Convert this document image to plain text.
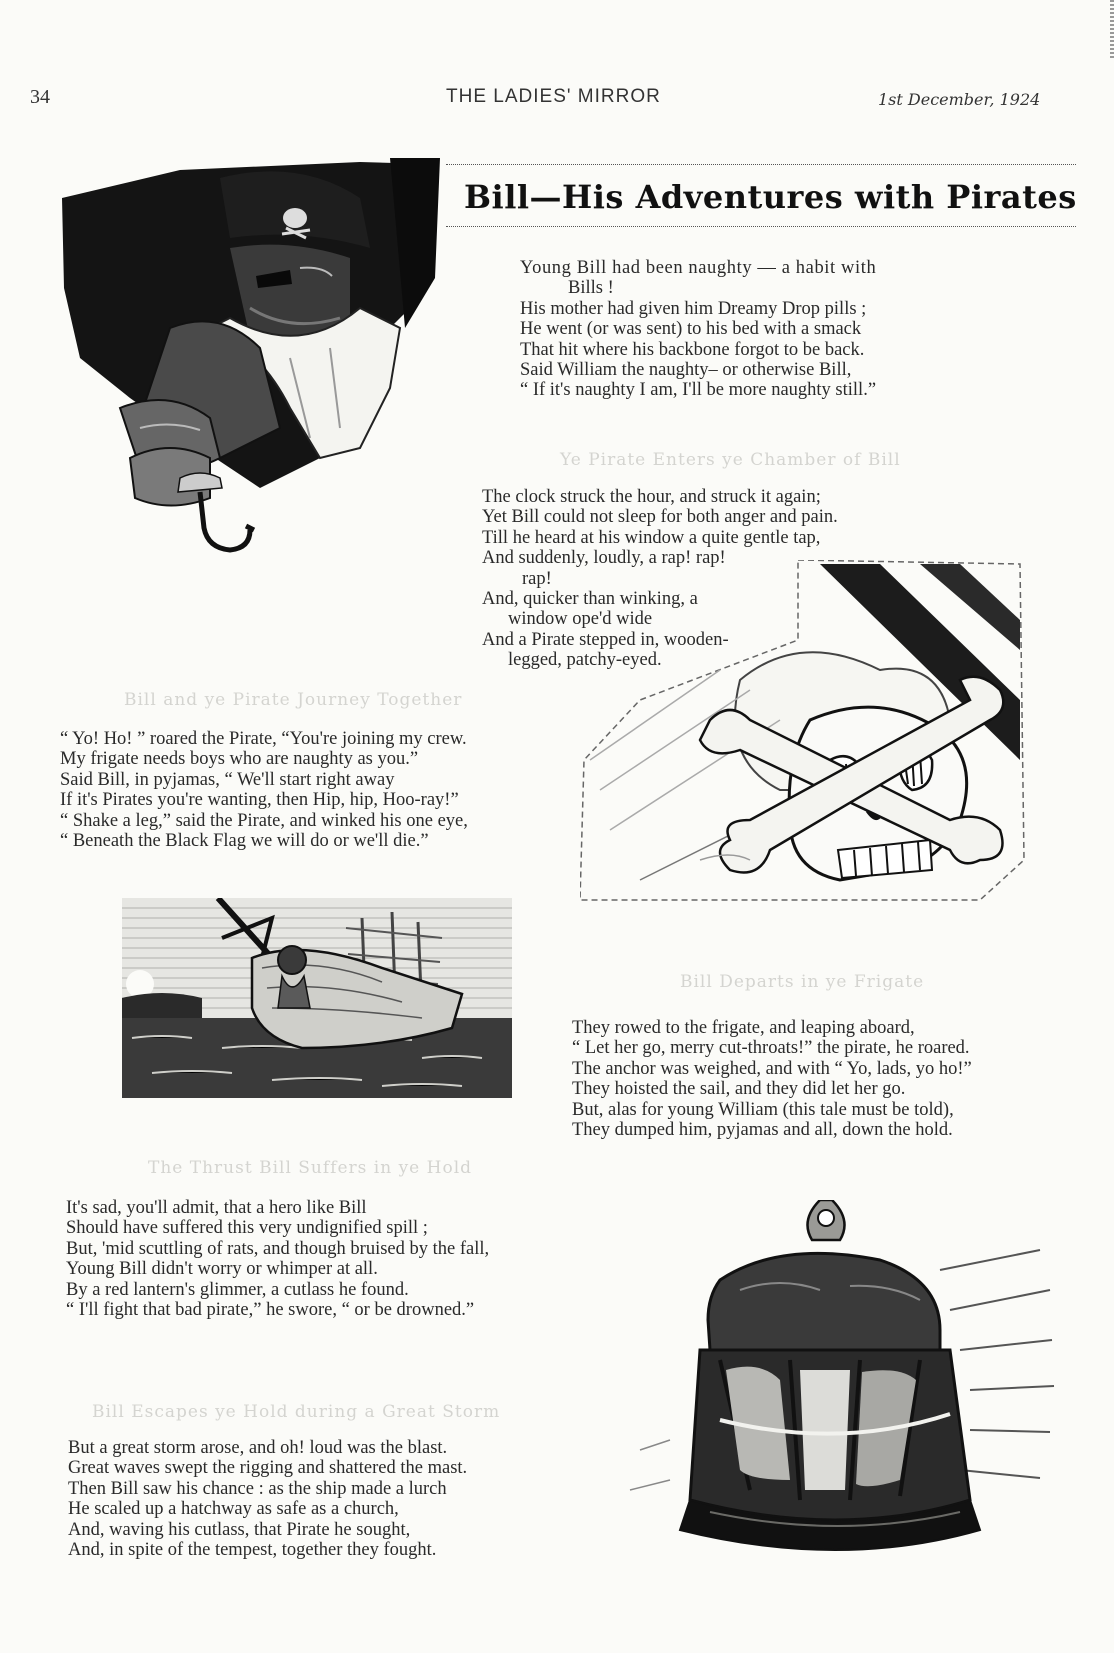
34	THE LADIES' MIRROR	1st December, 1924
Bill—His Adventures with Pirates
Young Bill had been naughty — a habit with
Bills !
His mother had given him Dreamy Drop pills ;
He went (or was sent) to his bed with a smack
That hit where his backbone forgot to be back.
Said William the naughty– or otherwise Bill,
“ If it's naughty I am, I'll be more naughty still.”
Ye Pirate Enters ye Chamber of Bill
The clock struck the hour, and struck it again;
Yet Bill could not sleep for both anger and pain.
Till he heard at his window a quite gentle tap,
And suddenly, loudly, a rap! rap!
rap!
And, quicker than winking, a
window ope'd wide
And a Pirate stepped in, wooden-
legged, patchy-eyed.
Bill and ye Pirate Journey Together
“ Yo! Ho! ” roared the Pirate, “You're joining my crew.
My frigate needs boys who are naughty as you.”
Said Bill, in pyjamas, “ We'll start right away
If it's Pirates you're wanting, then Hip, hip, Hoo-ray!”
“ Shake a leg,” said the Pirate, and winked his one eye,
“ Beneath the Black Flag we will do or we'll die.”
Bill Departs in ye Frigate
They rowed to the frigate, and leaping aboard,
“ Let her go, merry cut-throats!” the pirate, he roared.
The anchor was weighed, and with “ Yo, lads, yo ho!”
They hoisted the sail, and they did let her go.
But, alas for young William (this tale must be told),
They dumped him, pyjamas and all, down the hold.
The Thrust Bill Suffers in ye Hold
It's sad, you'll admit, that a hero like Bill
Should have suffered this very undignified spill ;
But, 'mid scuttling of rats, and though bruised by the fall,
Young Bill didn't worry or whimper at all.
By a red lantern's glimmer, a cutlass he found.
“ I'll fight that bad pirate,” he swore, “ or be drowned.”
Bill Escapes ye Hold during a Great Storm
But a great storm arose, and oh! loud was the blast.
Great waves swept the rigging and shattered the mast.
Then Bill saw his chance : as the ship made a lurch
He scaled up a hatchway as safe as a church,
And, waving his cutlass, that Pirate he sought,
And, in spite of the tempest, together they fought.
